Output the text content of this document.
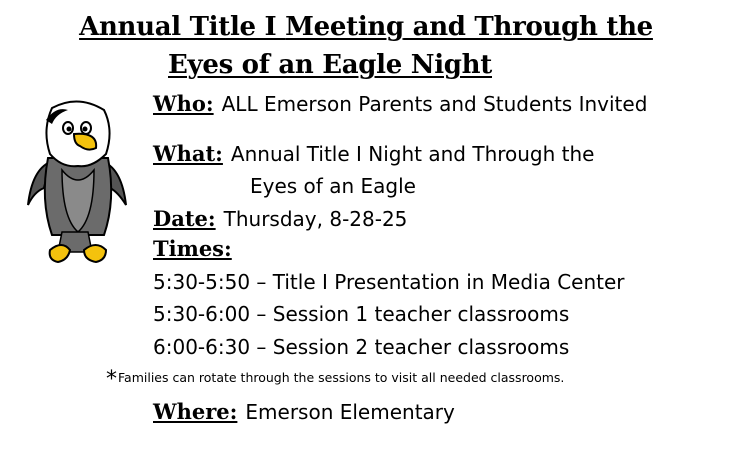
Annual Title I Meeting and Through the
Eyes of an Eagle Night
Who: ALL Emerson Parents and Students Invited
What: Annual Title I Night and Through the
Eyes of an Eagle
Date: Thursday, 8-28-25
Times:
5:30-5:50 – Title I Presentation in Media Center
5:30-6:00 – Session 1 teacher classrooms
6:00-6:30 – Session 2 teacher classrooms
*Families can rotate through the sessions to visit all needed classrooms.
Where: Emerson Elementary
